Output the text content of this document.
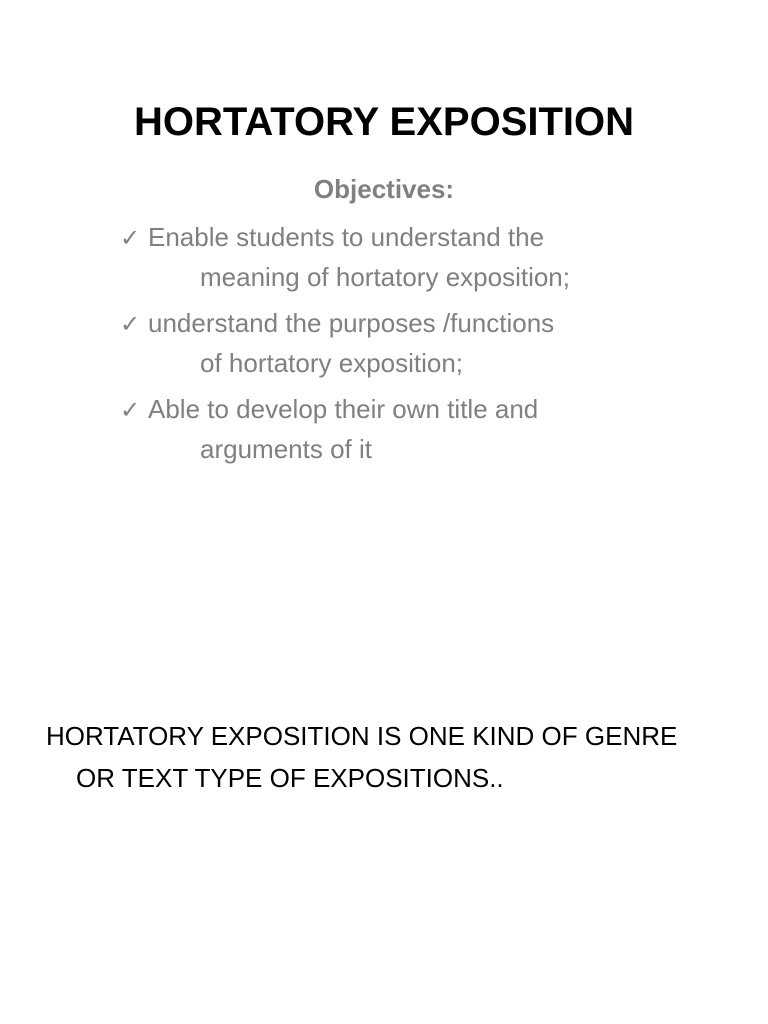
HORTATORY EXPOSITION
Objectives:
✓ Enable students to understand the
meaning of hortatory exposition;
✓ understand the purposes /functions
of hortatory exposition;
✓ Able to develop their own title and
arguments of it
HORTATORY EXPOSITION IS ONE KIND OF GENRE
OR TEXT TYPE OF EXPOSITIONS..
